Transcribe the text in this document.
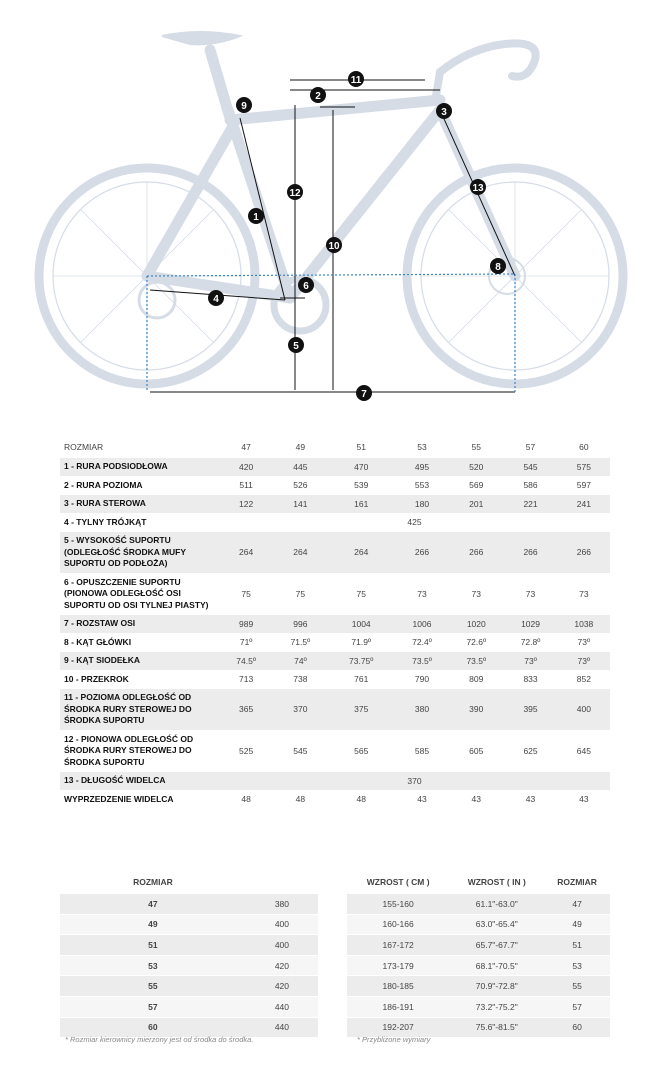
1
2
3
4
5
6
7
8
9
10
11
12	13
ROZMIAR	47	49	51	53	55	57	60
1 - RURA PODSIODŁOWA	420	445	470	495	520	545	575
2 - RURA POZIOMA	511	526	539	553	569	586	597
3 - RURA STEROWA	122	141	161	180	201	221	241
4 - TYLNY TRÓJKĄT	425						
5 - WYSOKOŚĆ SUPORTU (ODLEGŁOŚĆ ŚRODKA MUFY SUPORTU OD PODŁOŻA)	264	264	264	266	266	266	266
6 - OPUSZCZENIE SUPORTU (PIONOWA ODLEGŁOŚĆ OSI SUPORTU OD OSI TYLNEJ PIASTY)	75	75	75	73	73	73	73
7 - ROZSTAW OSI	989	996	1004	1006	1020	1029	1038
8 - KĄT GŁÓWKI	71º	71.5º	71.9º	72.4º	72.6º	72.8º	73º
9 - KĄT SIODEŁKA	74.5º	74º	73.75º	73.5º	73.5º	73º	73º
10 - PRZEKROK	713	738	761	790	809	833	852
11 - POZIOMA ODLEGŁOŚĆ OD ŚRODKA RURY STEROWEJ DO ŚRODKA SUPORTU	365	370	375	380	390	395	400
12 - PIONOWA ODLEGŁOŚĆ OD ŚRODKA RURY STEROWEJ DO ŚRODKA SUPORTU	525	545	565	585	605	625	645
13 - DŁUGOŚĆ WIDELCA	370						
WYPRZEDZENIE WIDELCA	48	48	48	43	43	43	43
ROZMIAR	
47	380
49	400
51	400
53	420
55	420
57	440
60	440
WZROST ( CM )	WZROST ( IN )	ROZMIAR
155-160	61.1"-63.0"	47
160-166	63.0"-65.4"	49
167-172	65.7"-67.7"	51
173-179	68.1"-70.5"	53
180-185	70.9"-72.8"	55
186-191	73.2"-75.2"	57
192-207	75.6"-81.5"	60
* Rozmiar kierownicy mierzony jest od środka do środka.	* Przybliżone wymiary
